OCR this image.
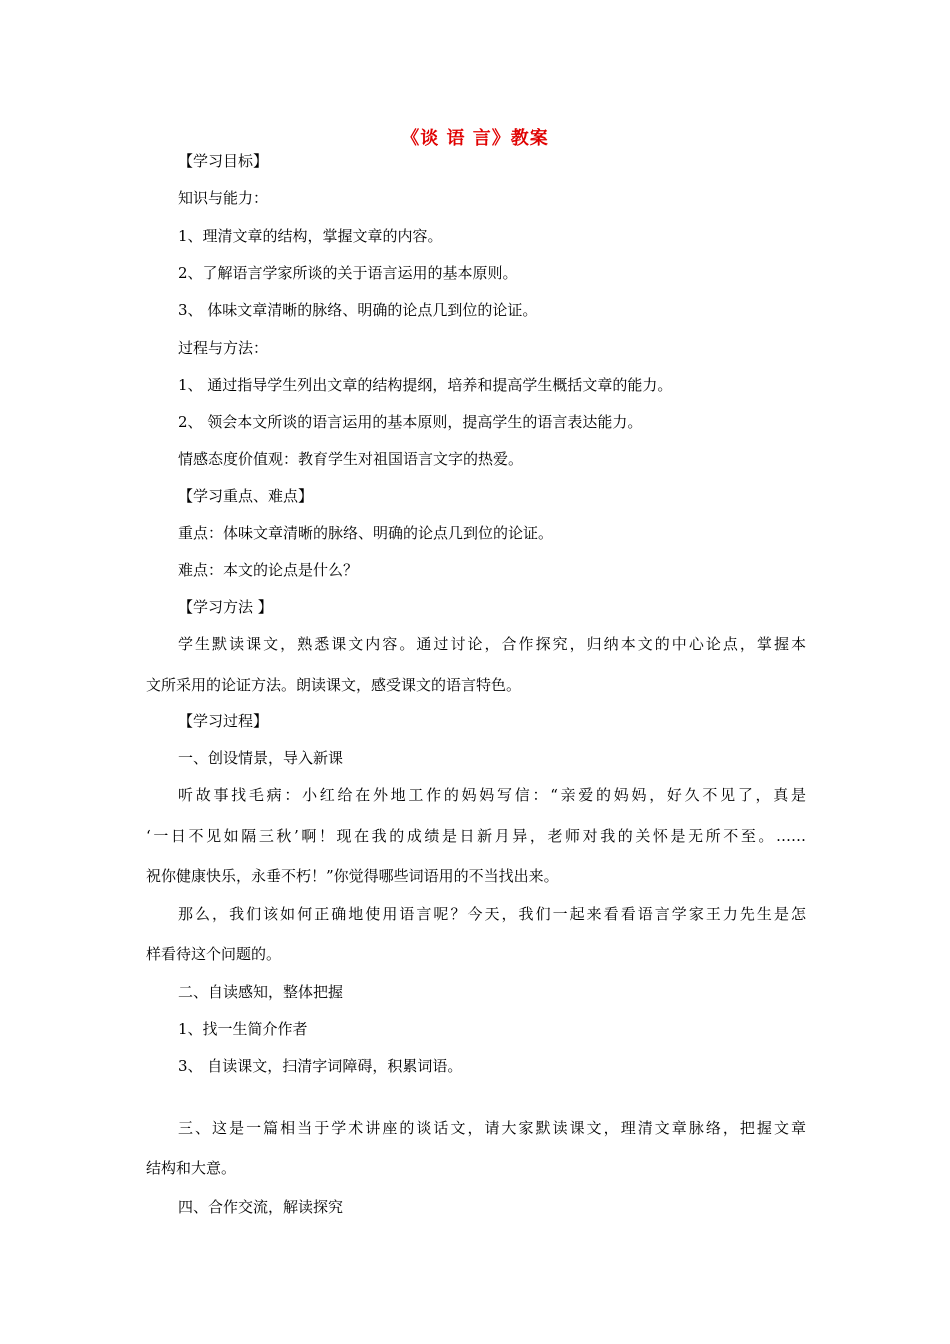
《谈 语 言》教案
【学习目标】
知识与能力：
1、理清文章的结构，掌握文章的内容。
2、了解语言学家所谈的关于语言运用的基本原则。
3、 体味文章清晰的脉络、明确的论点几到位的论证。
过程与方法：
1、 通过指导学生列出文章的结构提纲，培养和提高学生概括文章的能力。
2、 领会本文所谈的语言运用的基本原则，提高学生的语言表达能力。
情感态度价值观：教育学生对祖国语言文字的热爱。
【学习重点、难点】
重点：体味文章清晰的脉络、明确的论点几到位的论证。
难点：本文的论点是什么？
【学习方法 】
学生默读课文，熟悉课文内容。通过讨论，合作探究，归纳本文的中心论点，掌握本
文所采用的论证方法。朗读课文，感受课文的语言特色。
【学习过程】
一、创设情景，导入新课
听故事找毛病：小红给在外地工作的妈妈写信：“亲爱的妈妈，好久不见了，真是
‘一日不见如隔三秋’啊！现在我的成绩是日新月异，老师对我的关怀是无所不至。……
祝你健康快乐，永垂不朽！”你觉得哪些词语用的不当找出来。
那么，我们该如何正确地使用语言呢？今天，我们一起来看看语言学家王力先生是怎
样看待这个问题的。
二、自读感知，整体把握
1、找一生简介作者
3、 自读课文，扫清字词障碍，积累词语。
三、这是一篇相当于学术讲座的谈话文，请大家默读课文，理清文章脉络，把握文章
结构和大意。
四、合作交流，解读探究
